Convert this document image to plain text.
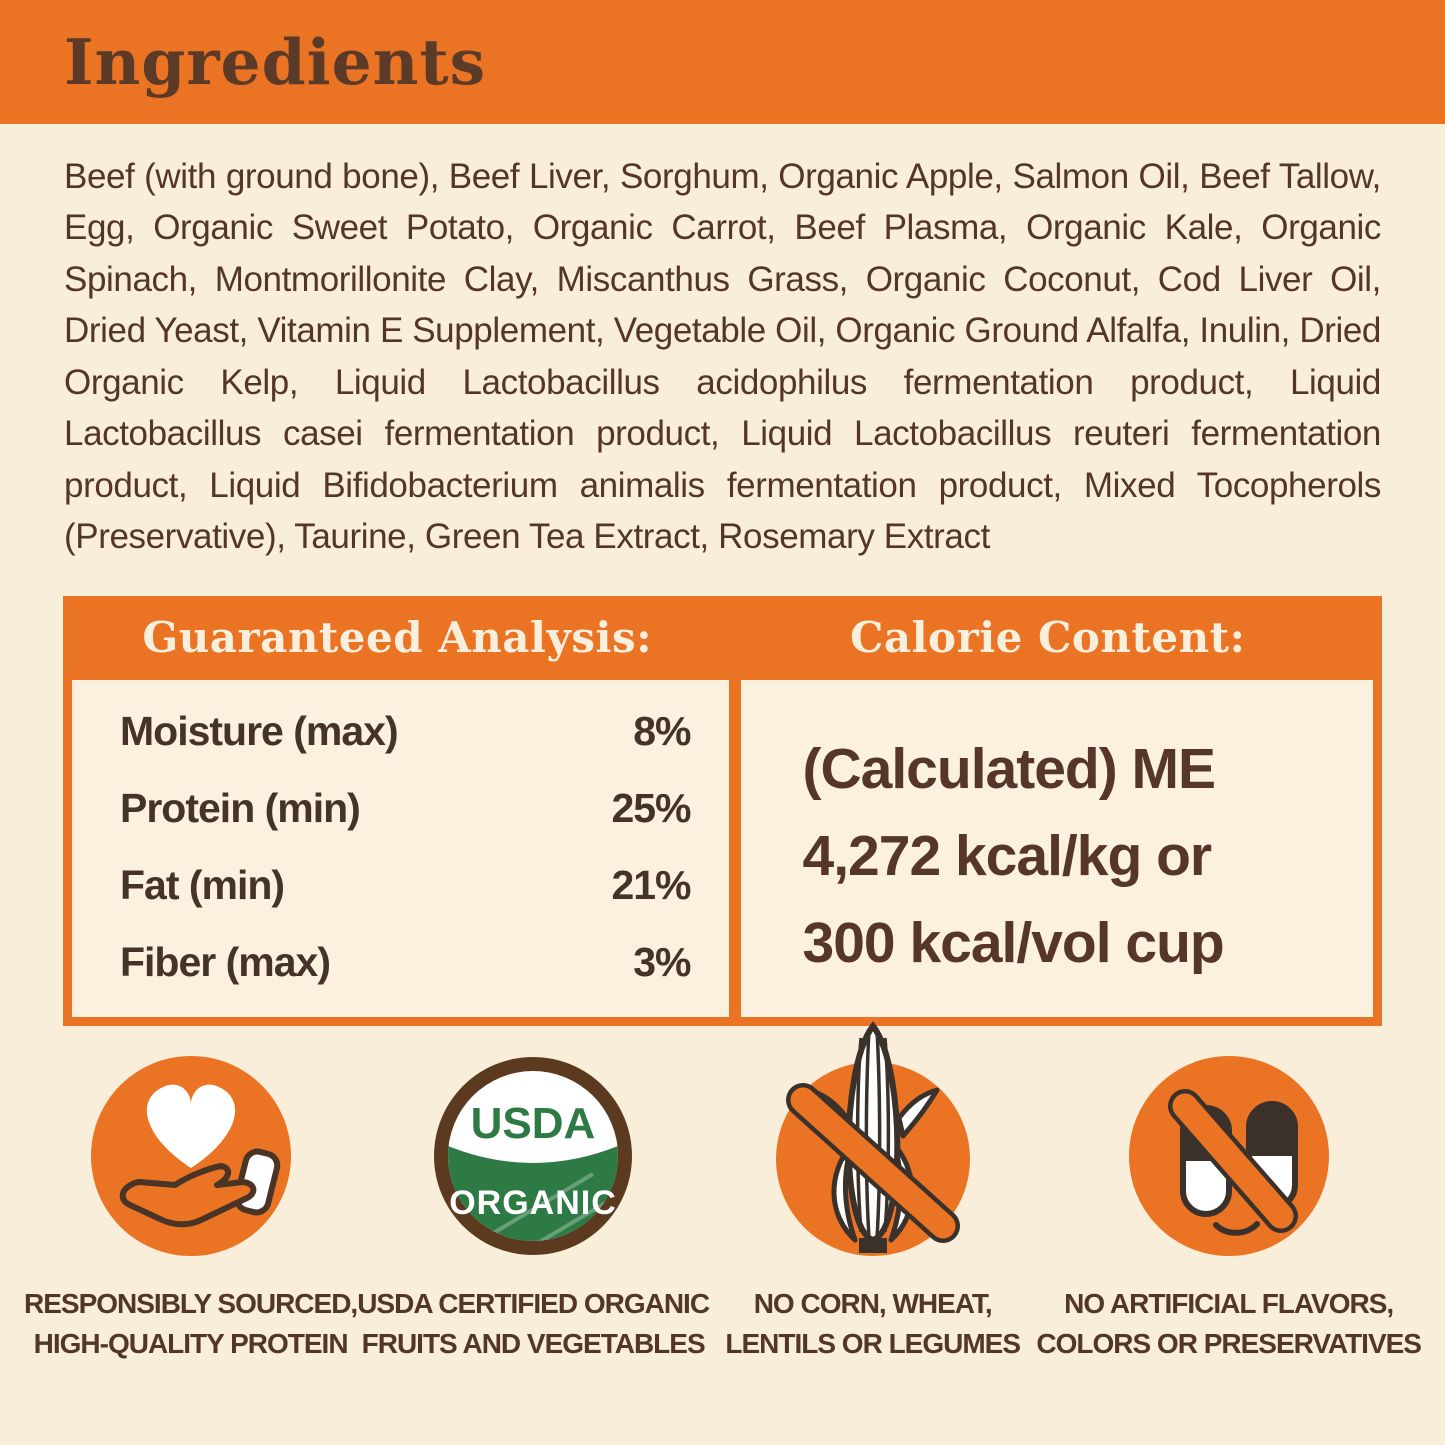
Ingredients
Beef (with ground bone), Beef Liver, Sorghum, Organic Apple, Salmon Oil, Beef Tallow, Egg, Organic Sweet Potato, Organic Carrot, Beef Plasma, Organic Kale, Organic Spinach, Montmorillonite Clay, Miscanthus Grass, Organic Coconut, Cod Liver Oil, Dried Yeast, Vitamin E Supplement, Vegetable Oil, Organic Ground Alfalfa, Inulin, Dried Organic Kelp, Liquid Lactobacillus acidophilus fermentation product, Liquid Lactobacillus casei fermentation product, Liquid Lactobacillus reuteri fermentation product, Liquid Bifidobacterium animalis fermentation product, Mixed Tocopherols (Preservative), Taurine, Green Tea Extract, Rosemary Extract
Guaranteed Analysis:	Calorie Content:
Moisture (max)	8%
Protein (min)	25%
Fat (min)	21%
Fiber (max)	3%
(Calculated) ME
4,272 kcal/kg or
300 kcal/vol cup
RESPONSIBLY SOURCED,
HIGH-QUALITY PROTEIN
USDA
ORGANIC
USDA CERTIFIED ORGANIC
FRUITS AND VEGETABLES
NO CORN, WHEAT,
LENTILS OR LEGUMES
NO ARTIFICIAL FLAVORS,
COLORS OR PRESERVATIVES
